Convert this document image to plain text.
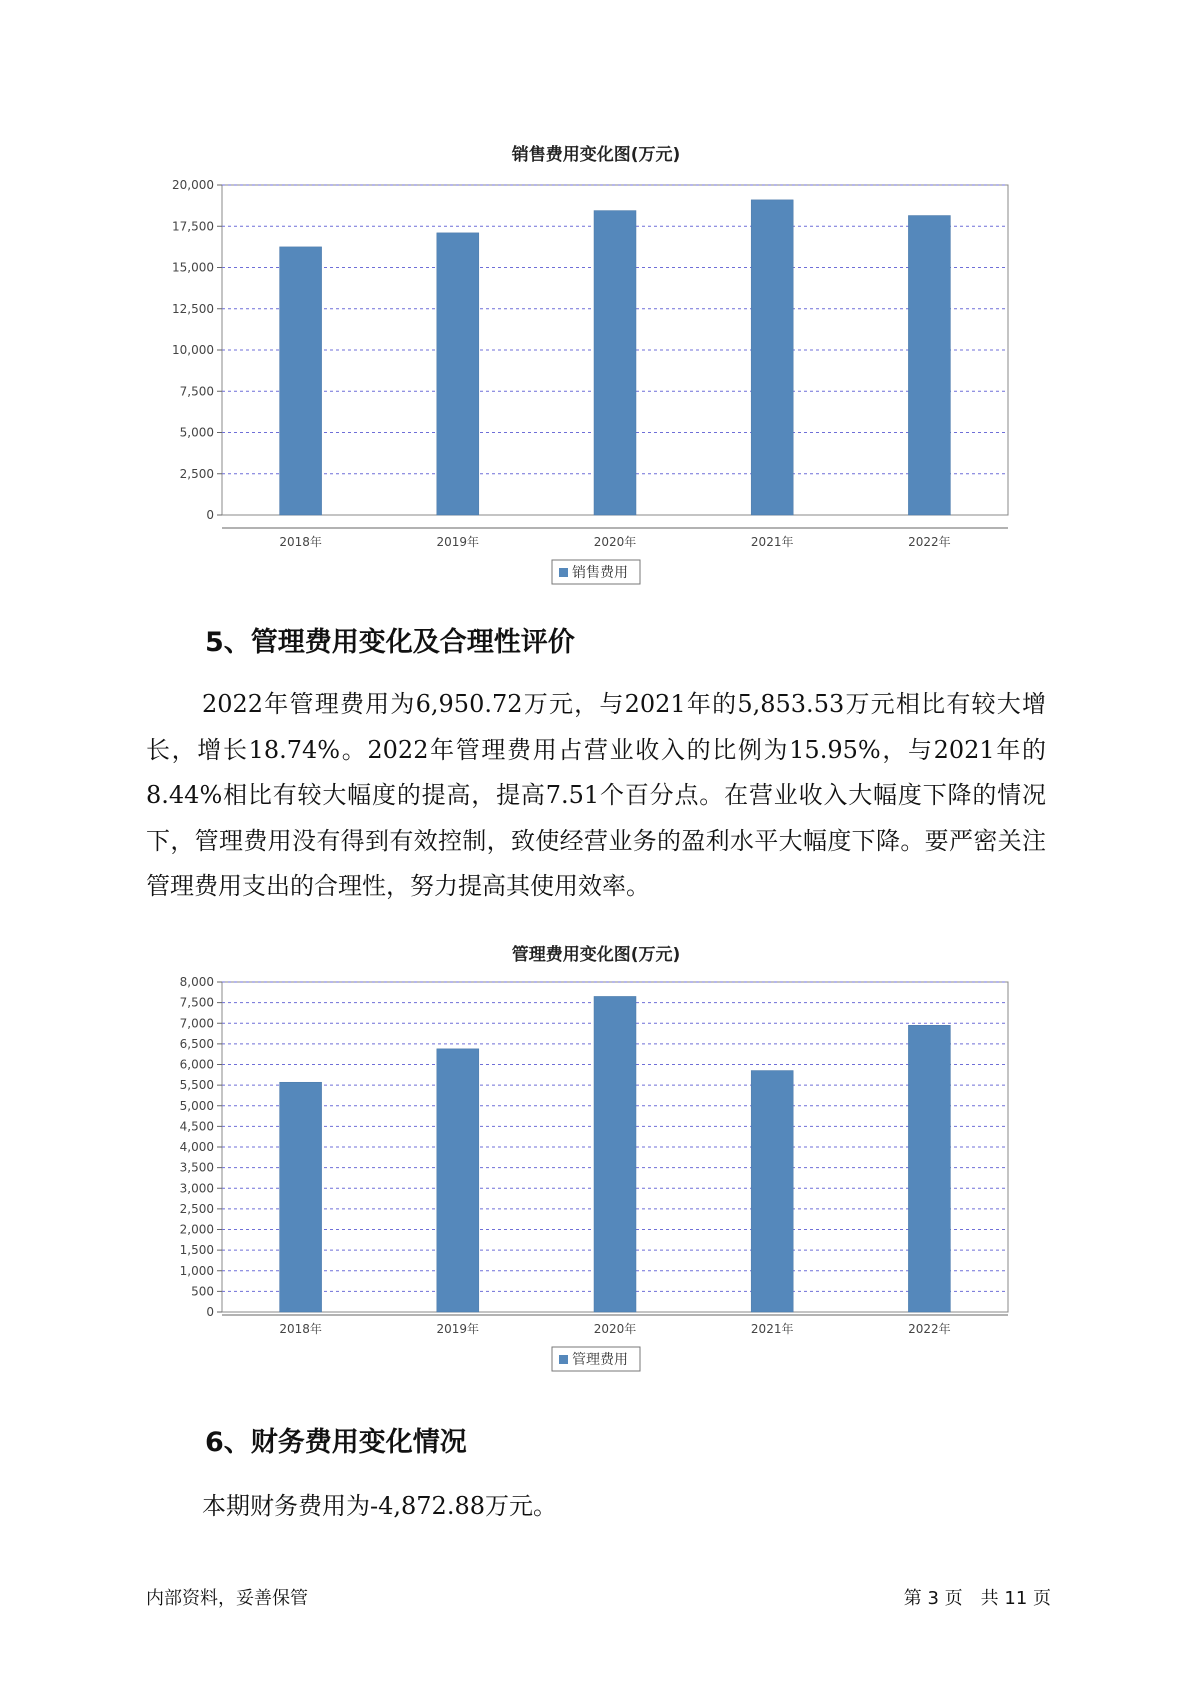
销售费用变化图(万元)
0
2,500
5,000
7,500
10,000
12,500
15,000
17,500
20,000
2018年	2019年	2020年	2021年	2022年
销售费用
5、管理费用变化及合理性评价

2022年管理费用为6,950.72万元，与2021年的5,853.53万元相比有较大增长，增长18.74%。2022年管理费用占营业收入的比例为15.95%，与2021年的8.44%相比有较大幅度的提高，提高7.51个百分点。在营业收入大幅度下降的情况下，管理费用没有得到有效控制，致使经营业务的盈利水平大幅度下降。要严密关注管理费用支出的合理性，努力提高其使用效率。

管理费用变化图(万元)
0
500
1,000
1,500
2,000
2,500
3,000
3,500
4,000
4,500
5,000
5,500
6,000
6,500
7,000
7,500
8,000
2018年	2019年	2020年	2021年	2022年
管理费用
6、财务费用变化情况

本期财务费用为-4,872.88万元。

内部资料，妥善保管	第 3 页　共 11 页
